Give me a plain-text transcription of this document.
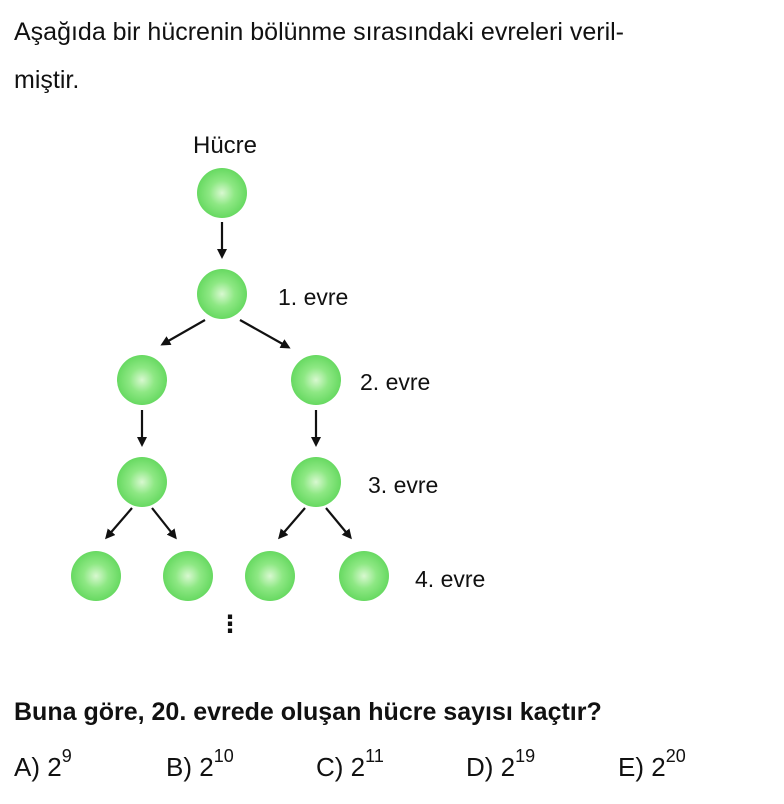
Aşağıda bir hücrenin bölünme sırasındaki evreleri veril-
miştir.

Hücre
1. evre
2. evre
3. evre
4. evre
⋮

Buna göre, 20. evrede oluşan hücre sayısı kaçtır?

A) $2^9$	B) $2^{10}$	C) $2^{11}$	D) $2^{19}$	E) $2^{20}$
